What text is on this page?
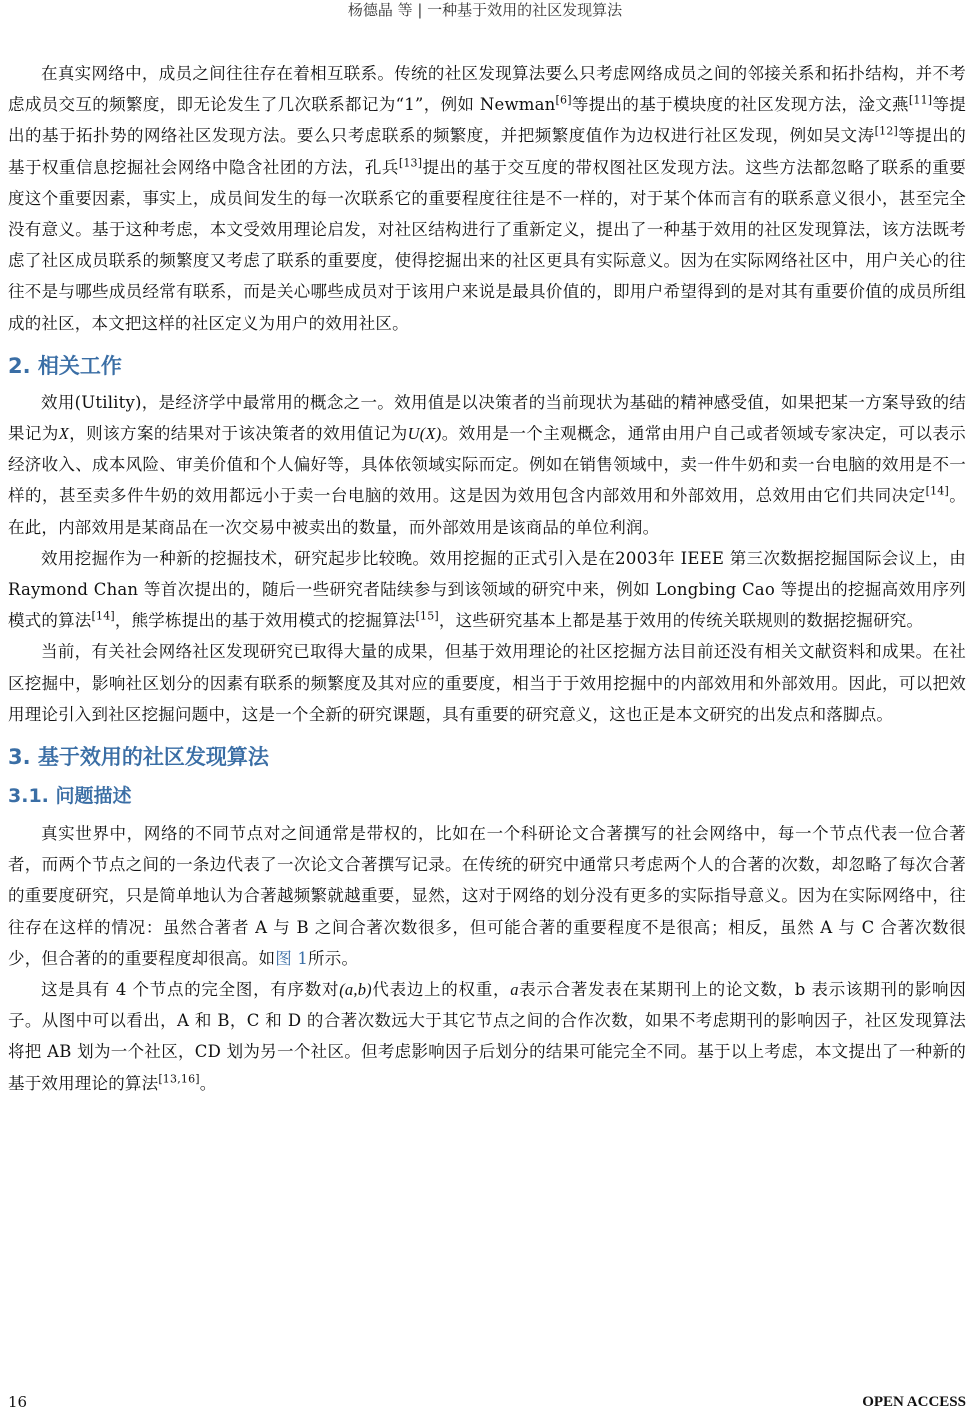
杨德晶 等 | 一种基于效用的社区发现算法

在真实网络中，成员之间往往存在着相互联系。传统的社区发现算法要么只考虑网络成员之间的邻接关系和拓扑结构，并不考虑成员交互的频繁度，即无论发生了几次联系都记为“1”，例如 Newman[6]等提出的基于模块度的社区发现方法，淦文燕[11]等提出的基于拓扑势的网络社区发现方法。要么只考虑联系的频繁度，并把频繁度值作为边权进行社区发现，例如吴文涛[12]等提出的基于权重信息挖掘社会网络中隐含社团的方法，孔兵[13]提出的基于交互度的带权图社区发现方法。这些方法都忽略了联系的重要度这个重要因素，事实上，成员间发生的每一次联系它的重要程度往往是不一样的，对于某个体而言有的联系意义很小，甚至完全没有意义。基于这种考虑，本文受效用理论启发，对社区结构进行了重新定义，提出了一种基于效用的社区发现算法，该方法既考虑了社区成员联系的频繁度又考虑了联系的重要度，使得挖掘出来的社区更具有实际意义。因为在实际网络社区中，用户关心的往往不是与哪些成员经常有联系，而是关心哪些成员对于该用户来说是最具价值的，即用户希望得到的是对其有重要价值的成员所组成的社区，本文把这样的社区定义为用户的效用社区。

2. 相关工作

效用(Utility)，是经济学中最常用的概念之一。效用值是以决策者的当前现状为基础的精神感受值，如果把某一方案导致的结果记为X，则该方案的结果对于该决策者的效用值记为U(X)。效用是一个主观概念，通常由用户自己或者领域专家决定，可以表示经济收入、成本风险、审美价值和个人偏好等，具体依领域实际而定。例如在销售领域中，卖一件牛奶和卖一台电脑的效用是不一样的，甚至卖多件牛奶的效用都远小于卖一台电脑的效用。这是因为效用包含内部效用和外部效用，总效用由它们共同决定[14]。在此，内部效用是某商品在一次交易中被卖出的数量，而外部效用是该商品的单位利润。

效用挖掘作为一种新的挖掘技术，研究起步比较晚。效用挖掘的正式引入是在2003年 IEEE 第三次数据挖掘国际会议上，由 Raymond Chan 等首次提出的，随后一些研究者陆续参与到该领域的研究中来，例如 Longbing Cao 等提出的挖掘高效用序列模式的算法[14]，熊学栋提出的基于效用模式的挖掘算法[15]，这些研究基本上都是基于效用的传统关联规则的数据挖掘研究。

当前，有关社会网络社区发现研究已取得大量的成果，但基于效用理论的社区挖掘方法目前还没有相关文献资料和成果。在社区挖掘中，影响社区划分的因素有联系的频繁度及其对应的重要度，相当于于效用挖掘中的内部效用和外部效用。因此，可以把效用理论引入到社区挖掘问题中，这是一个全新的研究课题，具有重要的研究意义，这也正是本文研究的出发点和落脚点。

3. 基于效用的社区发现算法
3.1. 问题描述

真实世界中，网络的不同节点对之间通常是带权的，比如在一个科研论文合著撰写的社会网络中，每一个节点代表一位合著者，而两个节点之间的一条边代表了一次论文合著撰写记录。在传统的研究中通常只考虑两个人的合著的次数，却忽略了每次合著的重要度研究，只是简单地认为合著越频繁就越重要，显然，这对于网络的划分没有更多的实际指导意义。因为在实际网络中，往往存在这样的情况：虽然合著者 A 与 B 之间合著次数很多，但可能合著的重要程度不是很高；相反，虽然 A 与 C 合著次数很少，但合著的的重要程度却很高。如图 1所示。

这是具有 4 个节点的完全图，有序数对(a,b)代表边上的权重，a表示合著发表在某期刊上的论文数，b 表示该期刊的影响因子。从图中可以看出，A 和 B，C 和 D 的合著次数远大于其它节点之间的合作次数，如果不考虑期刊的影响因子，社区发现算法将把 AB 划为一个社区，CD 划为另一个社区。但考虑影响因子后划分的结果可能完全不同。基于以上考虑，本文提出了一种新的基于效用理论的算法[13,16]。

16	OPEN ACCESS
